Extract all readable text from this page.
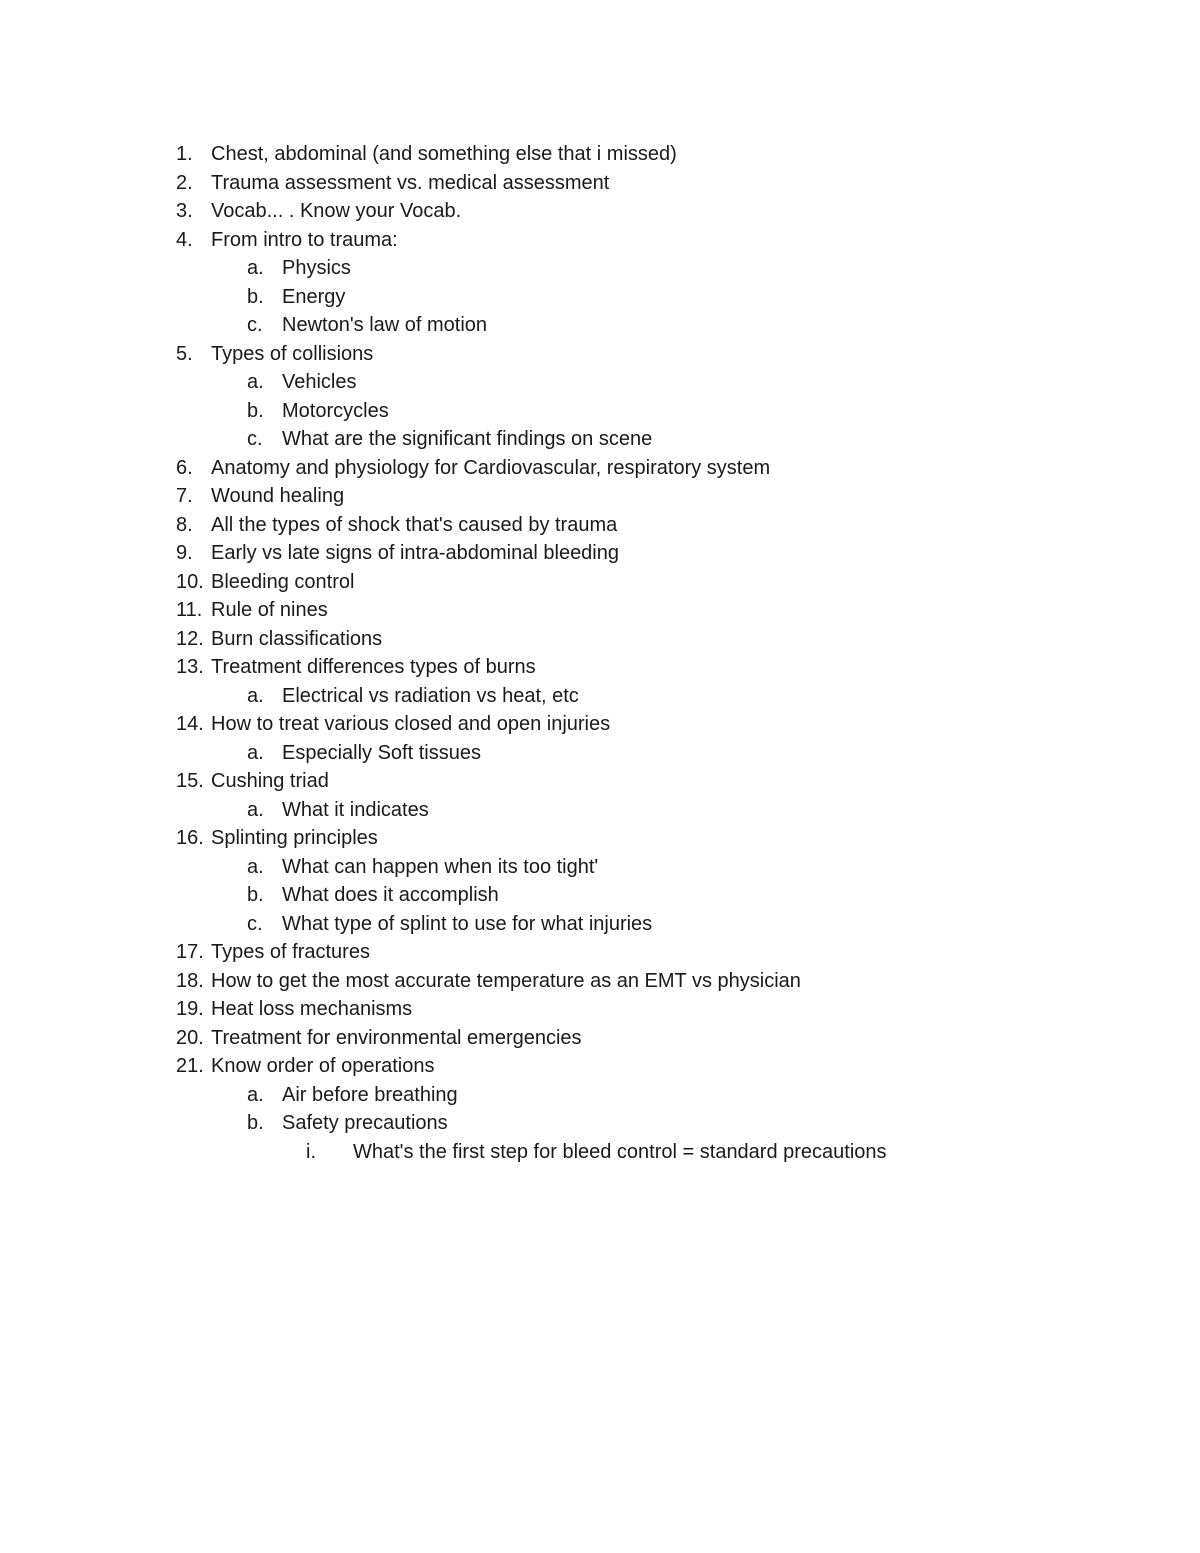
1. Chest, abdominal (and something else that i missed)
2. Trauma assessment vs. medical assessment
3. Vocab... . Know your Vocab.
4. From intro to trauma:
a. Physics
b. Energy
c. Newton's law of motion
5. Types of collisions
a. Vehicles
b. Motorcycles
c. What are the significant findings on scene
6. Anatomy and physiology for Cardiovascular, respiratory system
7. Wound healing
8. All the types of shock that's caused by trauma
9. Early vs late signs of intra-abdominal bleeding
10. Bleeding control
11. Rule of nines
12. Burn classifications
13. Treatment differences types of burns
a. Electrical vs radiation vs heat, etc
14. How to treat various closed and open injuries
a. Especially Soft tissues
15. Cushing triad
a. What it indicates
16. Splinting principles
a. What can happen when its too tight'
b. What does it accomplish
c. What type of splint to use for what injuries
17. Types of fractures
18. How to get the most accurate temperature as an EMT vs physician
19. Heat loss mechanisms
20. Treatment for environmental emergencies
21. Know order of operations
a. Air before breathing
b. Safety precautions
i. What's the first step for bleed control = standard precautions
